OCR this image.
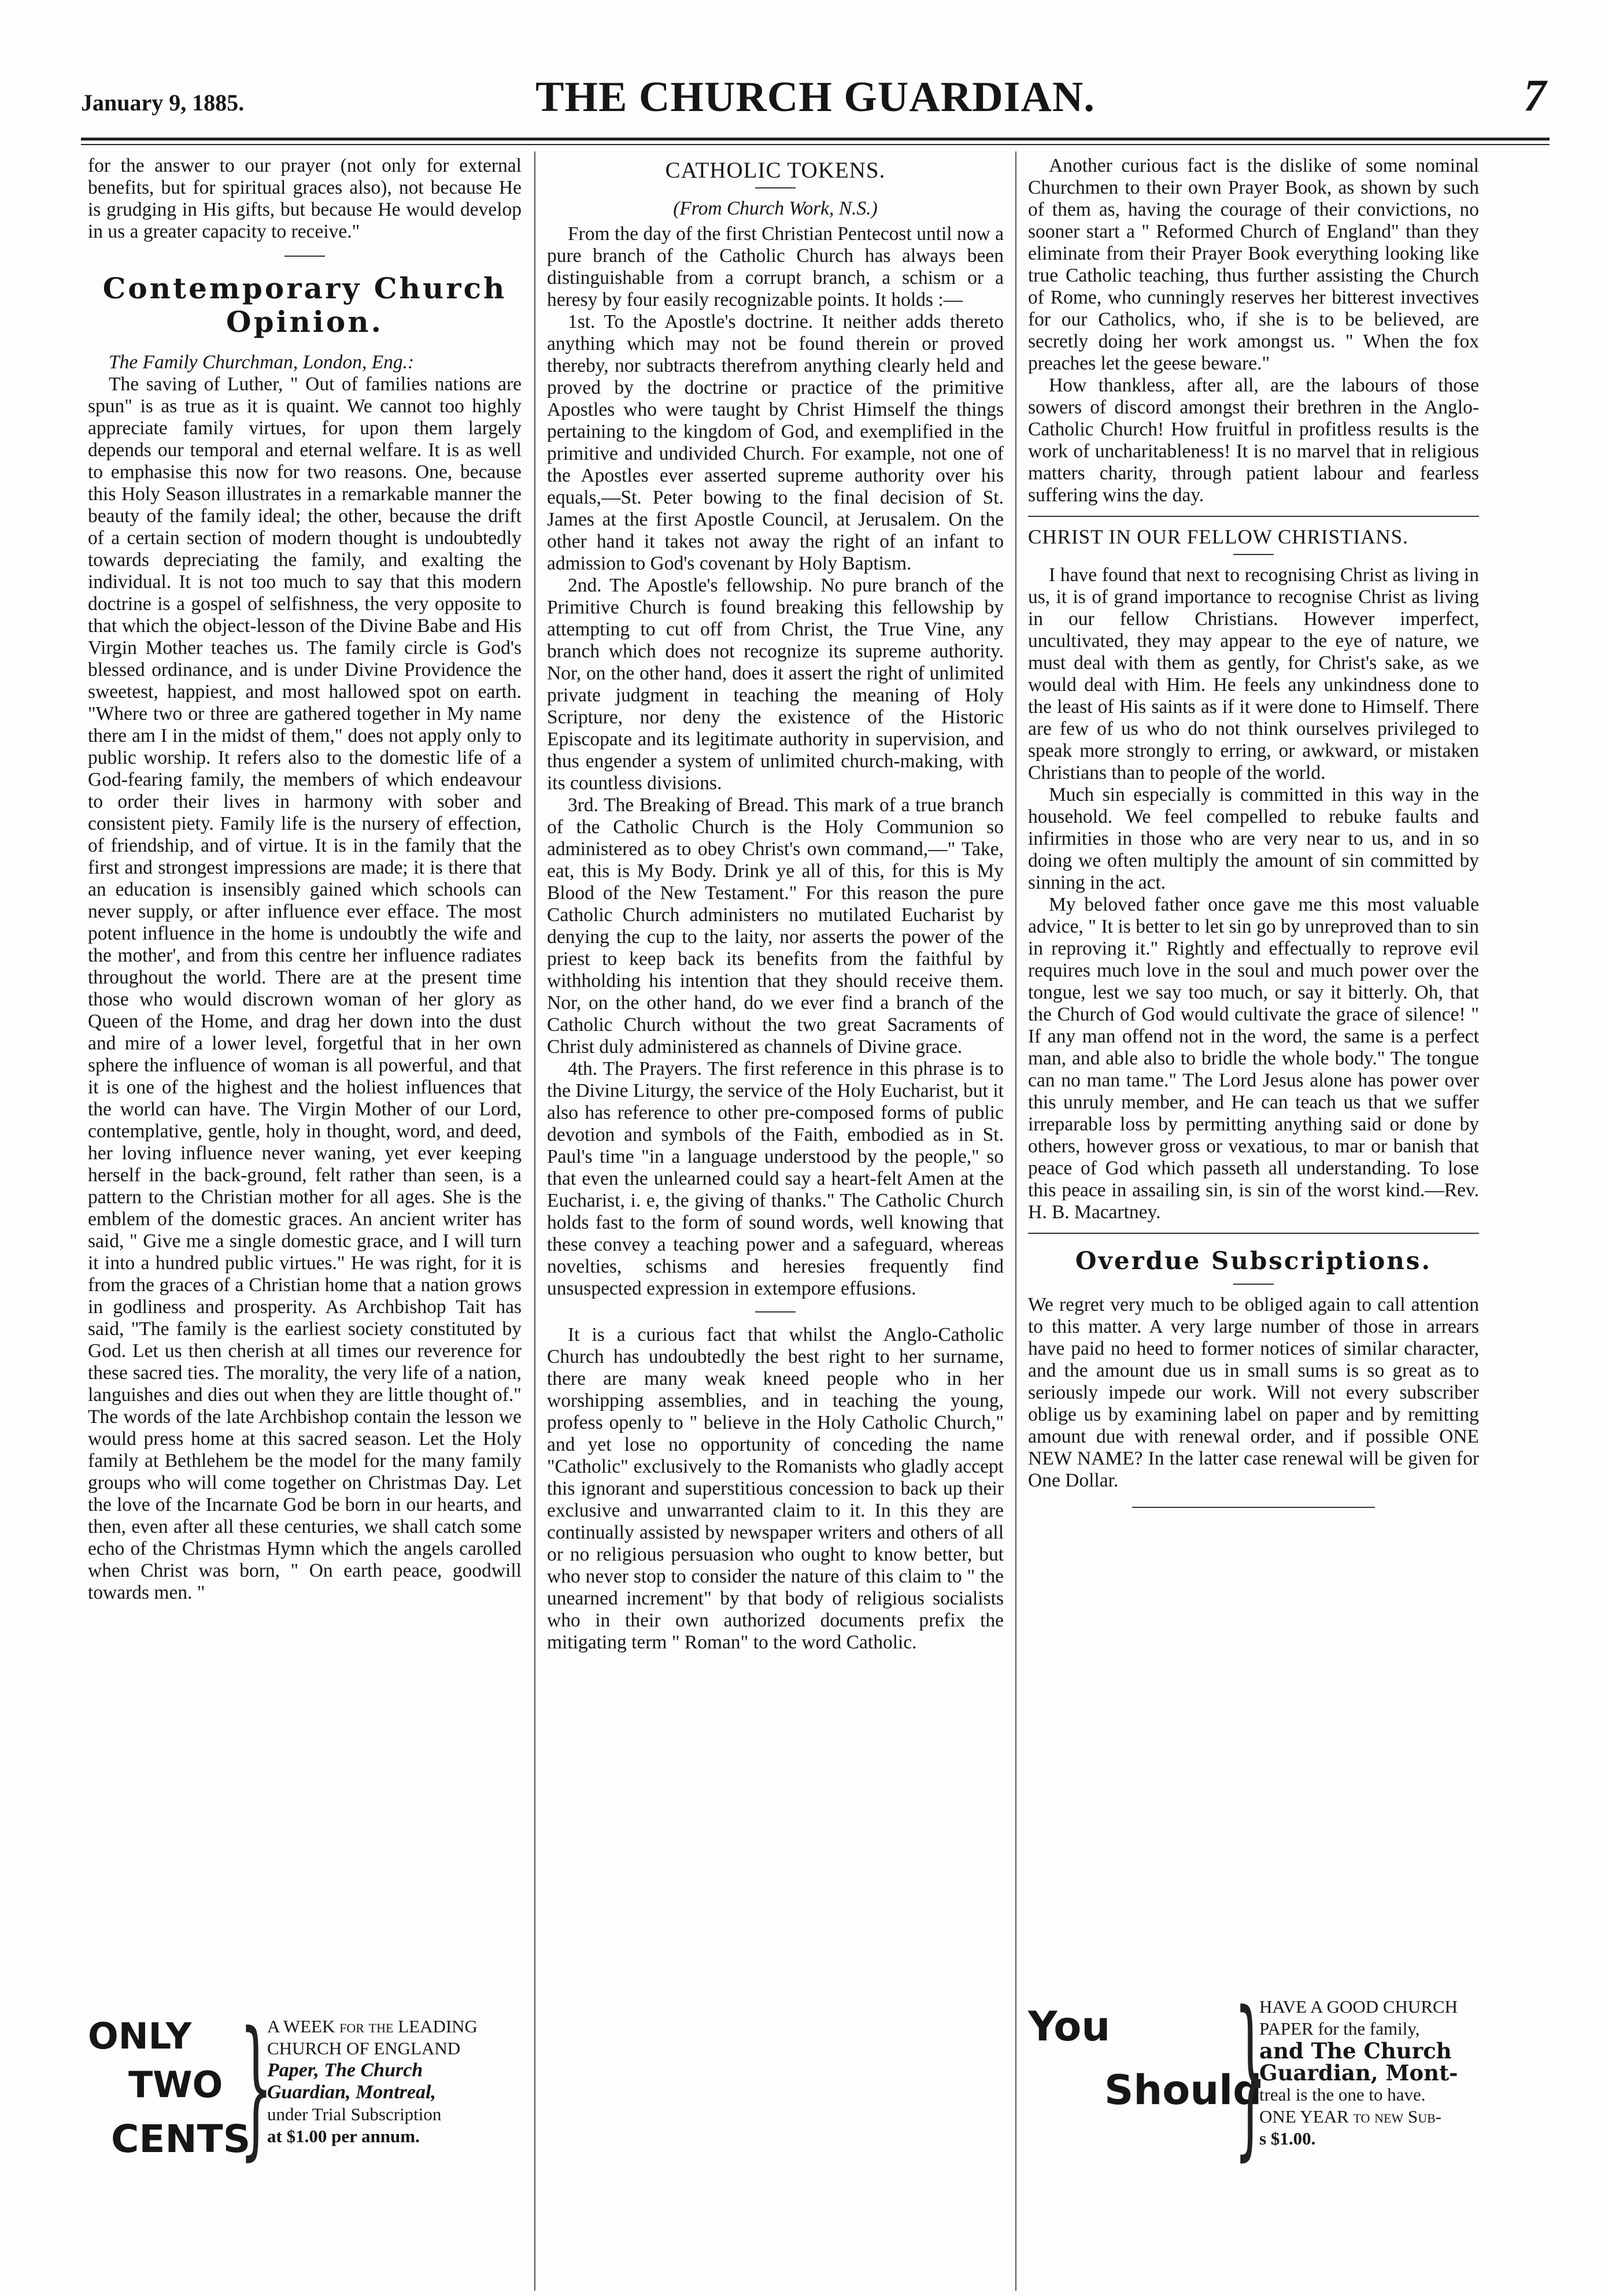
January 9, 1885.	THE CHURCH GUARDIAN.	7

for the answer to our prayer (not only for external benefits, but for spiritual graces also), not because He is grudging in His gifts, but because He would develop in us a greater capacity to receive."

Contemporary Church Opinion.

The Family Churchman, London, Eng.:

The saving of Luther, " Out of families nations are spun" is as true as it is quaint. We cannot too highly appreciate family virtues, for upon them largely depends our temporal and eternal welfare. It is as well to emphasise this now for two reasons. One, because this Holy Season illustrates in a remarkable manner the beauty of the family ideal; the other, because the drift of a certain section of modern thought is undoubtedly towards depreciating the family, and exalting the individual. It is not too much to say that this modern doctrine is a gospel of selfishness, the very opposite to that which the object-lesson of the Divine Babe and His Virgin Mother teaches us. The family circle is God's blessed ordinance, and is under Divine Providence the sweetest, happiest, and most hallowed spot on earth. "Where two or three are gathered together in My name there am I in the midst of them," does not apply only to public worship. It refers also to the domestic life of a God-fearing family, the members of which endeavour to order their lives in harmony with sober and consistent piety. Family life is the nursery of effection, of friendship, and of virtue. It is in the family that the first and strongest impressions are made; it is there that an education is insensibly gained which schools can never supply, or after influence ever efface. The most potent influence in the home is undoubtly the wife and the mother', and from this centre her influence radiates throughout the world. There are at the present time those who would discrown woman of her glory as Queen of the Home, and drag her down into the dust and mire of a lower level, forgetful that in her own sphere the influence of woman is all powerful, and that it is one of the highest and the holiest influences that the world can have. The Virgin Mother of our Lord, contemplative, gentle, holy in thought, word, and deed, her loving influence never waning, yet ever keeping herself in the back-ground, felt rather than seen, is a pattern to the Christian mother for all ages. She is the emblem of the domestic graces. An ancient writer has said, " Give me a single domestic grace, and I will turn it into a hundred public virtues." He was right, for it is from the graces of a Christian home that a nation grows in godliness and prosperity. As Archbishop Tait has said, "The family is the earliest society constituted by God. Let us then cherish at all times our reverence for these sacred ties. The morality, the very life of a nation, languishes and dies out when they are little thought of." The words of the late Archbishop contain the lesson we would press home at this sacred season. Let the Holy family at Bethlehem be the model for the many family groups who will come together on Christmas Day. Let the love of the Incarnate God be born in our hearts, and then, even after all these centuries, we shall catch some echo of the Christmas Hymn which the angels carolled when Christ was born, " On earth peace, goodwill towards men. "

CATHOLIC TOKENS.

(From Church Work, N.S.)

From the day of the first Christian Pentecost until now a pure branch of the Catholic Church has always been distinguishable from a corrupt branch, a schism or a heresy by four easily recognizable points. It holds :—

1st. To the Apostle's doctrine. It neither adds thereto anything which may not be found therein or proved thereby, nor subtracts therefrom anything clearly held and proved by the doctrine or practice of the primitive Apostles who were taught by Christ Himself the things pertaining to the kingdom of God, and exemplified in the primitive and undivided Church. For example, not one of the Apostles ever asserted supreme authority over his equals,—St. Peter bowing to the final decision of St. James at the first Apostle Council, at Jerusalem. On the other hand it takes not away the right of an infant to admission to God's covenant by Holy Baptism.

2nd. The Apostle's fellowship. No pure branch of the Primitive Church is found breaking this fellowship by attempting to cut off from Christ, the True Vine, any branch which does not recognize its supreme authority. Nor, on the other hand, does it assert the right of unlimited private judgment in teaching the meaning of Holy Scripture, nor deny the existence of the Historic Episcopate and its legitimate authority in supervision, and thus engender a system of unlimited church-making, with its countless divisions.

3rd. The Breaking of Bread. This mark of a true branch of the Catholic Church is the Holy Communion so administered as to obey Christ's own command,—" Take, eat, this is My Body. Drink ye all of this, for this is My Blood of the New Testament." For this reason the pure Catholic Church administers no mutilated Eucharist by denying the cup to the laity, nor asserts the power of the priest to keep back its benefits from the faithful by withholding his intention that they should receive them. Nor, on the other hand, do we ever find a branch of the Catholic Church without the two great Sacraments of Christ duly administered as channels of Divine grace.

4th. The Prayers. The first reference in this phrase is to the Divine Liturgy, the service of the Holy Eucharist, but it also has reference to other pre-composed forms of public devotion and symbols of the Faith, embodied as in St. Paul's time "in a language understood by the people," so that even the unlearned could say a heart-felt Amen at the Eucharist, i. e, the giving of thanks." The Catholic Church holds fast to the form of sound words, well knowing that these convey a teaching power and a safeguard, whereas novelties, schisms and heresies frequently find unsuspected expression in extempore effusions.

It is a curious fact that whilst the Anglo-Catholic Church has undoubtedly the best right to her surname, there are many weak kneed people who in her worshipping assemblies, and in teaching the young, profess openly to " believe in the Holy Catholic Church," and yet lose no opportunity of conceding the name "Catholic" exclusively to the Romanists who gladly accept this ignorant and superstitious concession to back up their exclusive and unwarranted claim to it. In this they are continually assisted by newspaper writers and others of all or no religious persuasion who ought to know better, but who never stop to consider the nature of this claim to " the unearned increment" by that body of religious socialists who in their own authorized documents prefix the mitigating term " Roman" to the word Catholic.

Another curious fact is the dislike of some nominal Churchmen to their own Prayer Book, as shown by such of them as, having the courage of their convictions, no sooner start a " Reformed Church of England" than they eliminate from their Prayer Book everything looking like true Catholic teaching, thus further assisting the Church of Rome, who cunningly reserves her bitterest invectives for our Catholics, who, if she is to be believed, are secretly doing her work amongst us. " When the fox preaches let the geese beware."

How thankless, after all, are the labours of those sowers of discord amongst their brethren in the Anglo-Catholic Church! How fruitful in profitless results is the work of uncharitableness! It is no marvel that in religious matters charity, through patient labour and fearless suffering wins the day.

CHRIST IN OUR FELLOW CHRISTIANS.

I have found that next to recognising Christ as living in us, it is of grand importance to recognise Christ as living in our fellow Christians. However imperfect, uncultivated, they may appear to the eye of nature, we must deal with them as gently, for Christ's sake, as we would deal with Him. He feels any unkindness done to the least of His saints as if it were done to Himself. There are few of us who do not think ourselves privileged to speak more strongly to erring, or awkward, or mistaken Christians than to people of the world.

Much sin especially is committed in this way in the household. We feel compelled to rebuke faults and infirmities in those who are very near to us, and in so doing we often multiply the amount of sin committed by sinning in the act.

My beloved father once gave me this most valuable advice, " It is better to let sin go by unreproved than to sin in reproving it." Rightly and effectually to reprove evil requires much love in the soul and much power over the tongue, lest we say too much, or say it bitterly. Oh, that the Church of God would cultivate the grace of silence! " If any man offend not in the word, the same is a perfect man, and able also to bridle the whole body." The tongue can no man tame." The Lord Jesus alone has power over this unruly member, and He can teach us that we suffer irreparable loss by permitting anything said or done by others, however gross or vexatious, to mar or banish that peace of God which passeth all understanding. To lose this peace in assailing sin, is sin of the worst kind.—Rev. H. B. Macartney.

Overdue Subscriptions.

We regret very much to be obliged again to call attention to this matter. A very large number of those in arrears have paid no heed to former notices of similar character, and the amount due us in small sums is so great as to seriously impede our work. Will not every subscriber oblige us by examining label on paper and by remitting amount due with renewal order, and if possible ONE NEW NAME? In the latter case renewal will be given for One Dollar.

ONLY
TWO
CENTS
}
A WEEK for the LEADING
CHURCH OF ENGLAND
Paper, The Church
Guardian, Montreal,
under Trial Subscription
at $1.00 per annum.
You
Should
}
HAVE A GOOD CHURCH
PAPER for the family,
and The Church
Guardian, Mont-
treal is the one to have.
ONE YEAR to new Sub-
s $1.00.
